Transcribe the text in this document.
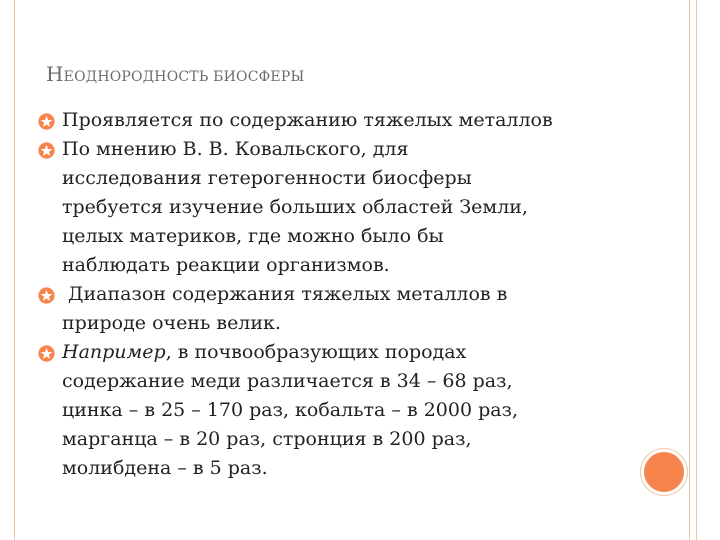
НЕОДНОРОДНОСТЬ БИОСФЕРЫ
Проявляется по содержанию тяжелых металлов
По мнению В. В. Ковальского, для
исследования гетерогенности биосферы
требуется изучение больших областей Земли,
целых материков, где можно было бы
наблюдать реакции организмов.
Диапазон содержания тяжелых металлов в
природе очень велик.
Например, в почвообразующих породах
содержание меди различается в 34 – 68 раз,
цинка – в 25 – 170 раз, кобальта – в 2000 раз,
марганца – в 20 раз, стронция в 200 раз,
молибдена – в 5 раз.
